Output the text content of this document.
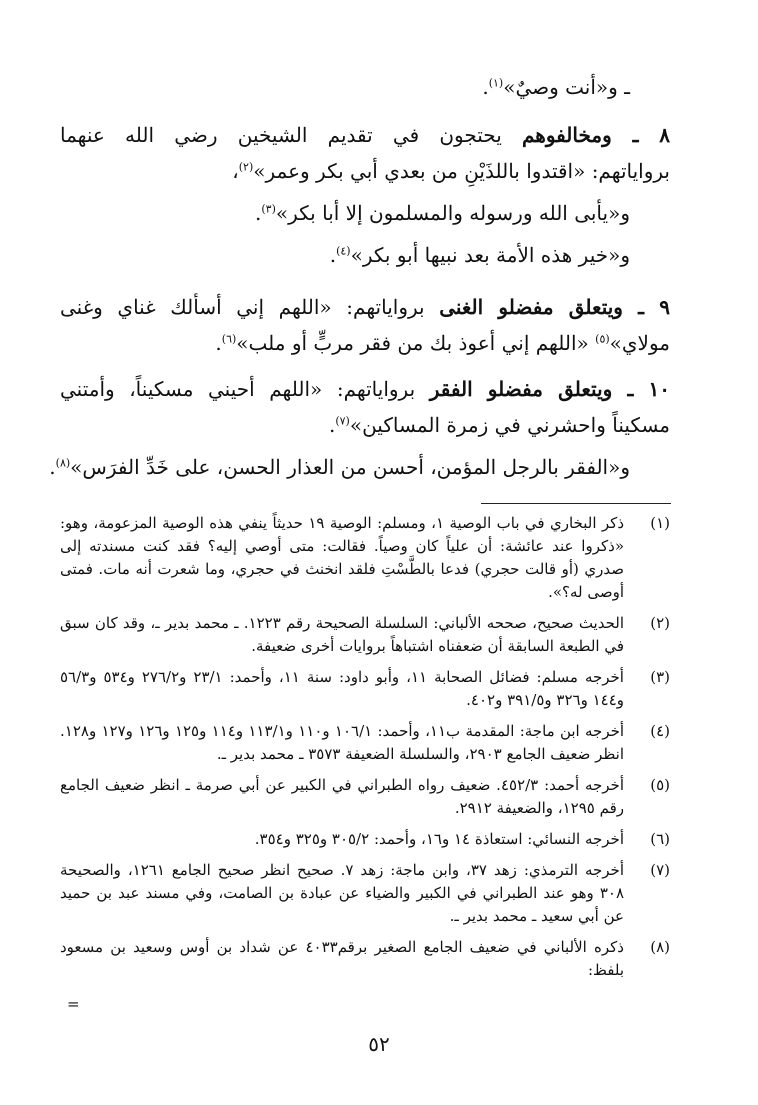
ـ و«أنت وصيٌ»$^{(١)}$.
٨ ـ ومخالفوهم يحتجون في تقديم الشيخين رضي الله عنهما
برواياتهم: «اقتدوا باللذَيْنِ من بعدي أبي بكر وعمر»$^{(٢)}$،
و«يأبى الله ورسوله والمسلمون إلا أبا بكر»$^{(٣)}$.
و«خير هذه الأمة بعد نبيها أبو بكر»$^{(٤)}$.
٩ ـ ويتعلق مفضلو الغنى برواياتهم: «اللهم إني أسألك غناي وغنى
مولاي»$^{(٥)}$ «اللهم إني أعوذ بك من فقر مربٍّ أو ملب»$^{(٦)}$.
١٠ ـ ويتعلق مفضلو الفقر برواياتهم: «اللهم أحيني مسكيناً، وأمتني
مسكيناً واحشرني في زمرة المساكين»$^{(٧)}$.
و«الفقر بالرجل المؤمن، أحسن من العذار الحسن، على خَدِّ الفرَس»$^{(٨)}$.
(١)
ذكر البخاري في باب الوصية ١، ومسلم: الوصية ١٩ حديثاً ينفي هذه الوصية المزعومة، وهو: «ذكروا عند عائشة: أن علياً كان وصياً. فقالت: متى أوصي إليه؟ فقد كنت مسندته إلى صدري (أو قالت حجري) فدعا بالطَّسْتِ فلقد انخنث في حجري، وما شعرت أنه مات. فمتى أوصى له؟».
(٢)
الحديث صحيح، صححه الألباني: السلسلة الصحيحة رقم ١٢٢٣. ـ محمد بدير ـ، وقد كان سبق في الطبعة السابقة أن ضعفناه اشتباهاً بروايات أخرى ضعيفة.
(٣)
أخرجه مسلم: فضائل الصحابة ١١، وأبو داود: سنة ١١، وأحمد: ٢٣/١ و٢٧٦/٢ و٥٣٤ و٥٦/٣ و١٤٤ و٣٢٦ و٣٩١/٥ و٤٠٢.
(٤)
أخرجه ابن ماجة: المقدمة ب١١، وأحمد: ١٠٦/١ و١١٠ و١١٣/١ و١١٤ و١٢٥ و١٢٦ و١٢٧ و١٢٨. انظر ضعيف الجامع ٢٩٠٣، والسلسلة الضعيفة ٣٥٧٣ ـ محمد بدير ـ.
(٥)
أخرجه أحمد: ٤٥٢/٣. ضعيف رواه الطبراني في الكبير عن أبي صرمة ـ انظر ضعيف الجامع رقم ١٢٩٥، والضعيفة ٢٩١٢.
(٦)
أخرجه النسائي: استعاذة ١٤ و١٦، وأحمد: ٣٠٥/٢ و٣٢٥ و٣٥٤.
(٧)
أخرجه الترمذي: زهد ٣٧، وابن ماجة: زهد ٧. صحيح انظر صحيح الجامع ١٢٦١، والصحيحة ٣٠٨ وهو عند الطبراني في الكبير والضياء عن عبادة بن الصامت، وفي مسند عبد بن حميد عن أبي سعيد ـ محمد بدير ـ.
(٨)
ذكره الألباني في ضعيف الجامع الصغير برقم٤٠٣٣ عن شداد بن أوس وسعيد بن مسعود بلفظ:
=
٥٢
